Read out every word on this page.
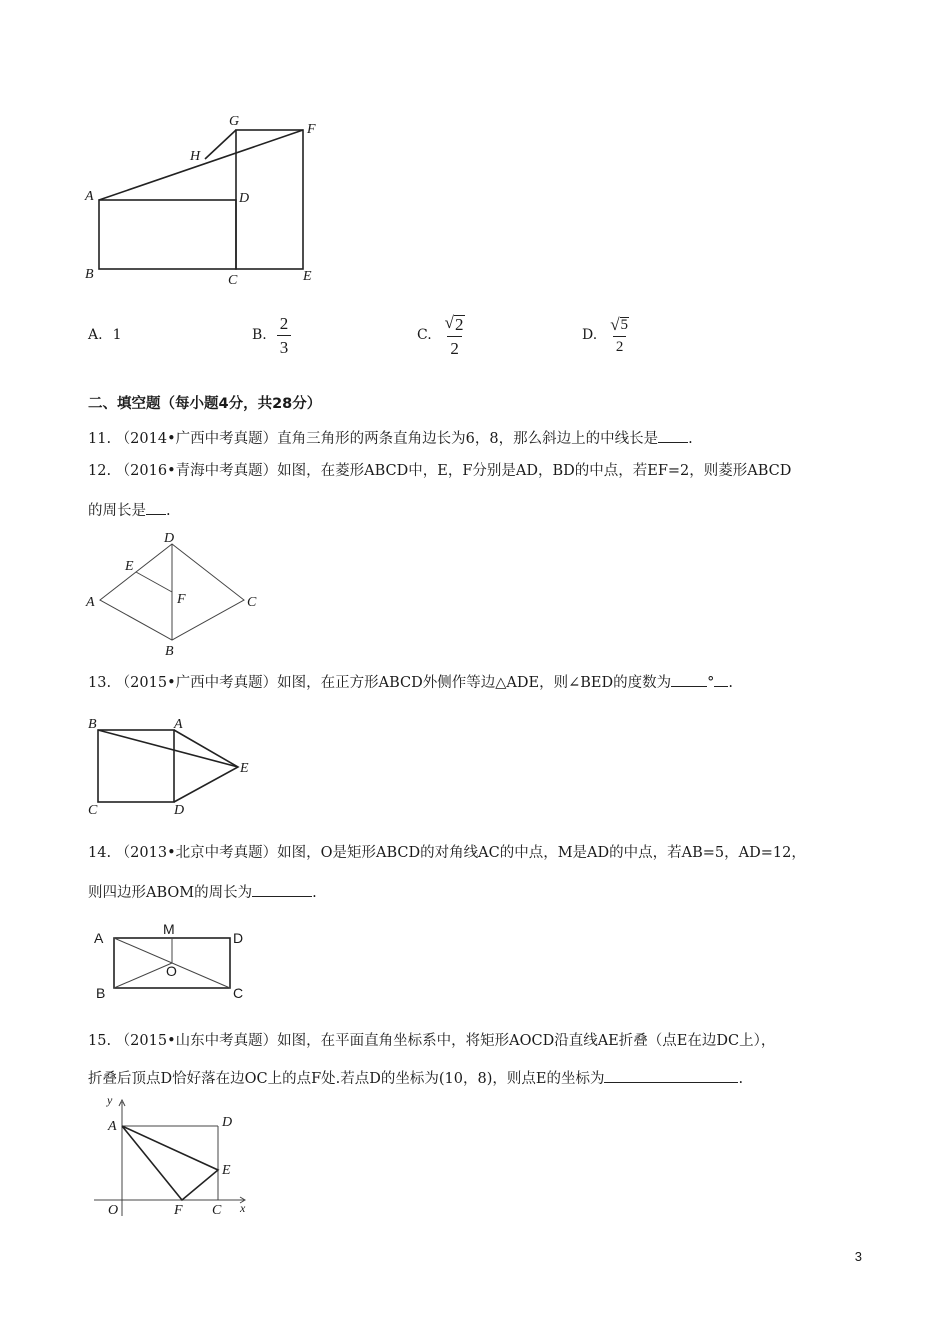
G
F
H
A	D
B	C	E
A. 1	B. $\frac{2}{3}$	C. $\frac{√ 2}{2}$	D. $\frac{√ 5}{2}$
二、填空题（每小题4分，共28分）
11. （2014•广西中考真题）直角三角形的两条直角边长为6，8，那么斜边上的中线长是 .
12. （2016•青海中考真题）如图，在菱形ABCD中，E，F分别是AD，BD的中点，若EF=2，则菱形ABCD
的周长是 .
D
E
A	F	C
B
13. （2015•广西中考真题）如图，在正方形ABCD外侧作等边△ADE，则∠BED的度数为 ° .
B	A
E
C	D
14. （2013•北京中考真题）如图，O是矩形ABCD的对角线AC的中点，M是AD的中点，若AB=5，AD=12，
则四边形ABOM的周长为	.
A
M
D
O
B	C
15. （2015•山东中考真题）如图，在平面直角坐标系中，将矩形AOCD沿直线AE折叠（点E在边DC上），
折叠后顶点D恰好落在边OC上的点F处.若点D的坐标为(10，8)，则点E的坐标为	.
y
A	D
E
O	F C x
3
